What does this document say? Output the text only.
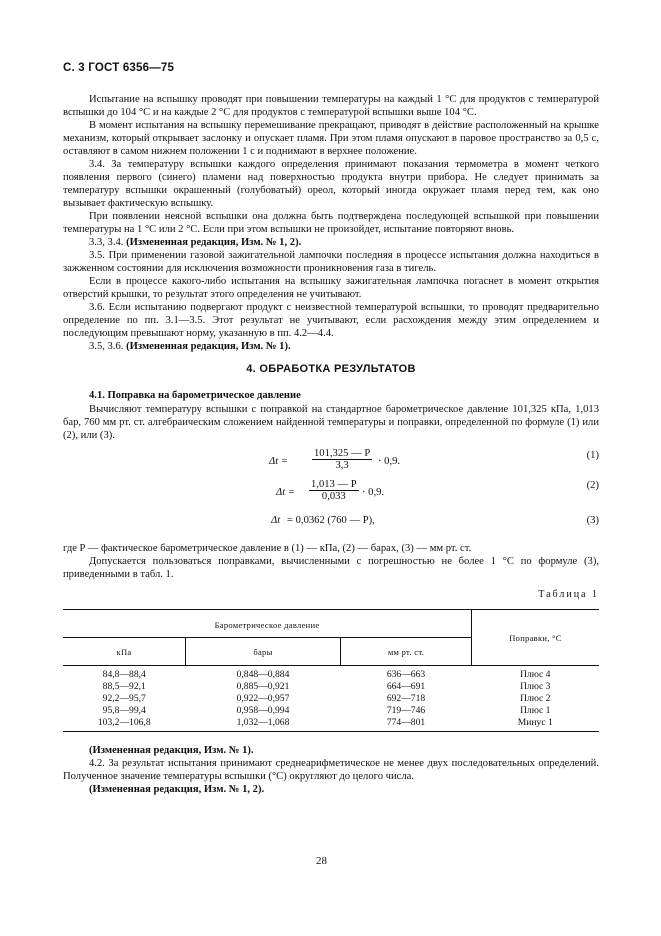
С. 3 ГОСТ 6356—75

Испытание на вспышку проводят при повышении температуры на каждый 1 °С для продуктов с температурой вспышки до 104 °С и на каждые 2 °С для продуктов с температурой вспышки выше 104 °С.

В момент испытания на вспышку перемешивание прекращают, приводят в действие расположенный на крышке механизм, который открывает заслонку и опускает пламя. При этом пламя опускают в паровое пространство за 0,5 с, оставляют в самом нижнем положении 1 с и поднимают в верхнее положение.

3.4. За температуру вспышки каждого определения принимают показания термометра в момент четкого появления первого (синего) пламени над поверхностью продукта внутри прибора. Не следует принимать за температуру вспышки окрашенный (голубоватый) ореол, который иногда окружает пламя перед тем, как оно вызывает фактическую вспышку.

При появлении неясной вспышки она должна быть подтверждена последующей вспышкой при повышении температуры на 1 °С или 2 °С. Если при этом вспышки не произойдет, испытание повторяют вновь.

3.3, 3.4. (Измененная редакция, Изм. № 1, 2).

3.5. При применении газовой зажигательной лампочки последняя в процессе испытания должна находиться в зажженном состоянии для исключения возможности проникновения газа в тигель.

Если в процессе какого-либо испытания на вспышку зажигательная лампочка погаснет в момент открытия отверстий крышки, то результат этого определения не учитывают.

3.6. Если испытанию подвергают продукт с неизвестной температурой вспышки, то проводят предварительно определение по пп. 3.1—3.5. Этот результат не учитывают, если расхождения между этим определением и последующим превышают норму, указанную в пп. 4.2—4.4.

3.5, 3.6. (Измененная редакция, Изм. № 1).

4. ОБРАБОТКА РЕЗУЛЬТАТОВ

4.1. Поправка на барометрическое давление

Вычисляют температуру вспышки с поправкой на стандартное барометрическое давление 101,325 кПа, 1,013 бар, 760 мм рт. ст. алгебраическим сложением найденной температуры и поправки, определенной по формуле (1) или (2), или (3).

$\Delta t = \frac{101,325 — P}{3,3} \cdot 0,9$.
(1)
$\Delta t = \frac{1,013 — P}{0,033} \cdot 0,9$.
(2)
Δt = 0,0362 (760 — P),	(3)

где P — фактическое барометрическое давление в (1) — кПа, (2) — барах, (3) — мм рт. ст.

Допускается пользоваться поправками, вычисленными с погрешностью не более 1 °С по формуле (3), приведенными в табл. 1.

Таблица 1
Барометрическое давление			Поправки, °С
кПа	бары	мм рт. ст.	
84,8—88,4	0,848—0,884	636—663	Плюс 4
88,5—92,1	0,885—0,921	664—691	Плюс 3
92,2—95,7	0,922—0,957	692—718	Плюс 2
95,8—99,4	0,958—0,994	719—746	Плюс 1
103,2—106,8	1,032—1,068	774—801	Минус 1

(Измененная редакция, Изм. № 1).

4.2. За результат испытания принимают среднеарифметическое не менее двух последовательных определений. Полученное значение температуры вспышки (°С) округляют до целого числа.

(Измененная редакция, Изм. № 1, 2).

28
